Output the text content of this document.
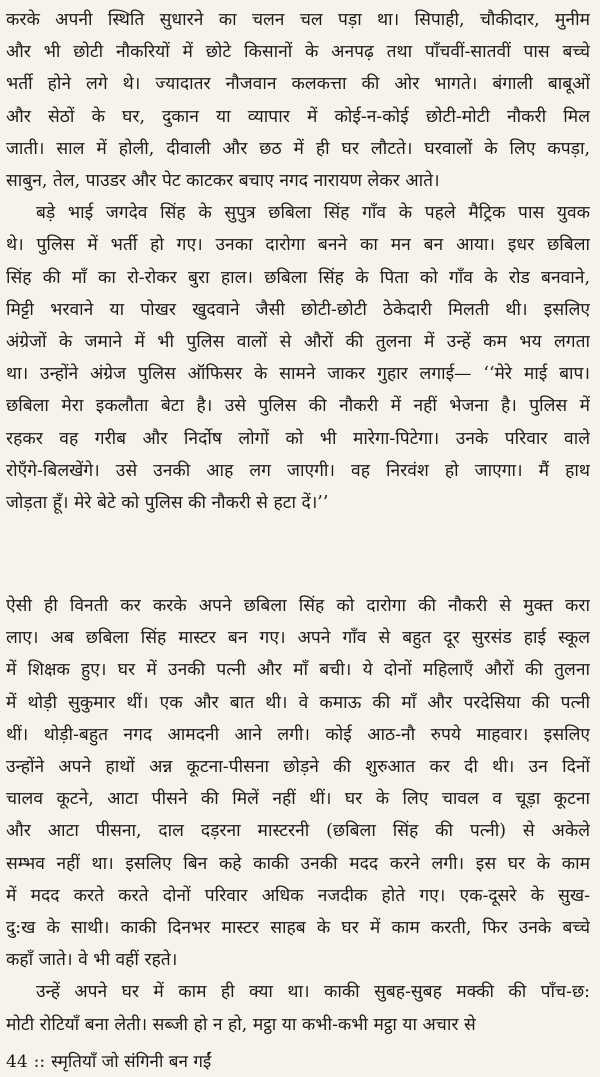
करके अपनी स्थिति सुधारने का चलन चल पड़ा था। सिपाही, चौकीदार, मुनीम
और भी छोटी नौकरियों में छोटे किसानों के अनपढ़ तथा पाँचवीं-सातवीं पास बच्चे
भर्ती होने लगे थे। ज्यादातर नौजवान कलकत्ता की ओर भागते। बंगाली बाबूओं
और सेठों के घर, दुकान या व्यापार में कोई-न-कोई छोटी-मोटी नौकरी मिल
जाती। साल में होली, दीवाली और छठ में ही घर लौटते। घरवालों के लिए कपड़ा,
साबुन, तेल, पाउडर और पेट काटकर बचाए नगद नारायण लेकर आते।
बड़े भाई जगदेव सिंह के सुपुत्र छबिला सिंह गाँव के पहले मैट्रिक पास युवक
थे। पुलिस में भर्ती हो गए। उनका दारोगा बनने का मन बन आया। इधर छबिला
सिंह की माँ का रो-रोकर बुरा हाल। छबिला सिंह के पिता को गाँव के रोड बनवाने,
मिट्टी भरवाने या पोखर खुदवाने जैसी छोटी-छोटी ठेकेदारी मिलती थी। इसलिए
अंग्रेजों के जमाने में भी पुलिस वालों से औरों की तुलना में उन्हें कम भय लगता
था। उन्होंने अंग्रेज पुलिस ऑफिसर के सामने जाकर गुहार लगाई— ‘‘मेरे माई बाप।
छबिला मेरा इकलौता बेटा है। उसे पुलिस की नौकरी में नहीं भेजना है। पुलिस में
रहकर वह गरीब और निर्दोष लोगों को भी मारेगा-पिटेगा। उनके परिवार वाले
रोएँगे-बिलखेंगे। उसे उनकी आह लग जाएगी। वह निरवंश हो जाएगा। मैं हाथ
जोड़ता हूँ। मेरे बेटे को पुलिस की नौकरी से हटा दें।’’
ऐसी ही विनती कर करके अपने छबिला सिंह को दारोगा की नौकरी से मुक्त करा
लाए। अब छबिला सिंह मास्टर बन गए। अपने गाँव से बहुत दूर सुरसंड हाई स्कूल
में शिक्षक हुए। घर में उनकी पत्नी और माँ बची। ये दोनों महिलाएँ औरों की तुलना
में थोड़ी सुकुमार थीं। एक और बात थी। वे कमाऊ की माँ और परदेसिया की पत्नी
थीं। थोड़ी-बहुत नगद आमदनी आने लगी। कोई आठ-नौ रुपये माहवार। इसलिए
उन्होंने अपने हाथों अन्न कूटना-पीसना छोड़ने की शुरुआत कर दी थी। उन दिनों
चालव कूटने, आटा पीसने की मिलें नहीं थीं। घर के लिए चावल व चूड़ा कूटना
और आटा पीसना, दाल दड़रना मास्टरनी (छबिला सिंह की पत्नी) से अकेले
सम्भव नहीं था। इसलिए बिन कहे काकी उनकी मदद करने लगी। इस घर के काम
में मदद करते करते दोनों परिवार अधिक नजदीक होते गए। एक-दूसरे के सुख-
दु:ख के साथी। काकी दिनभर मास्टर साहब के घर में काम करती, फिर उनके बच्चे
कहाँ जाते। वे भी वहीं रहते।
उन्हें अपने घर में काम ही क्या था। काकी सुबह-सुबह मक्की की पाँच-छ:
मोटी रोटियाँ बना लेती। सब्जी हो न हो, मट्ठा या कभी-कभी मट्ठा या अचार से
44 :: स्मृतियाँ जो संगिनी बन गईं
